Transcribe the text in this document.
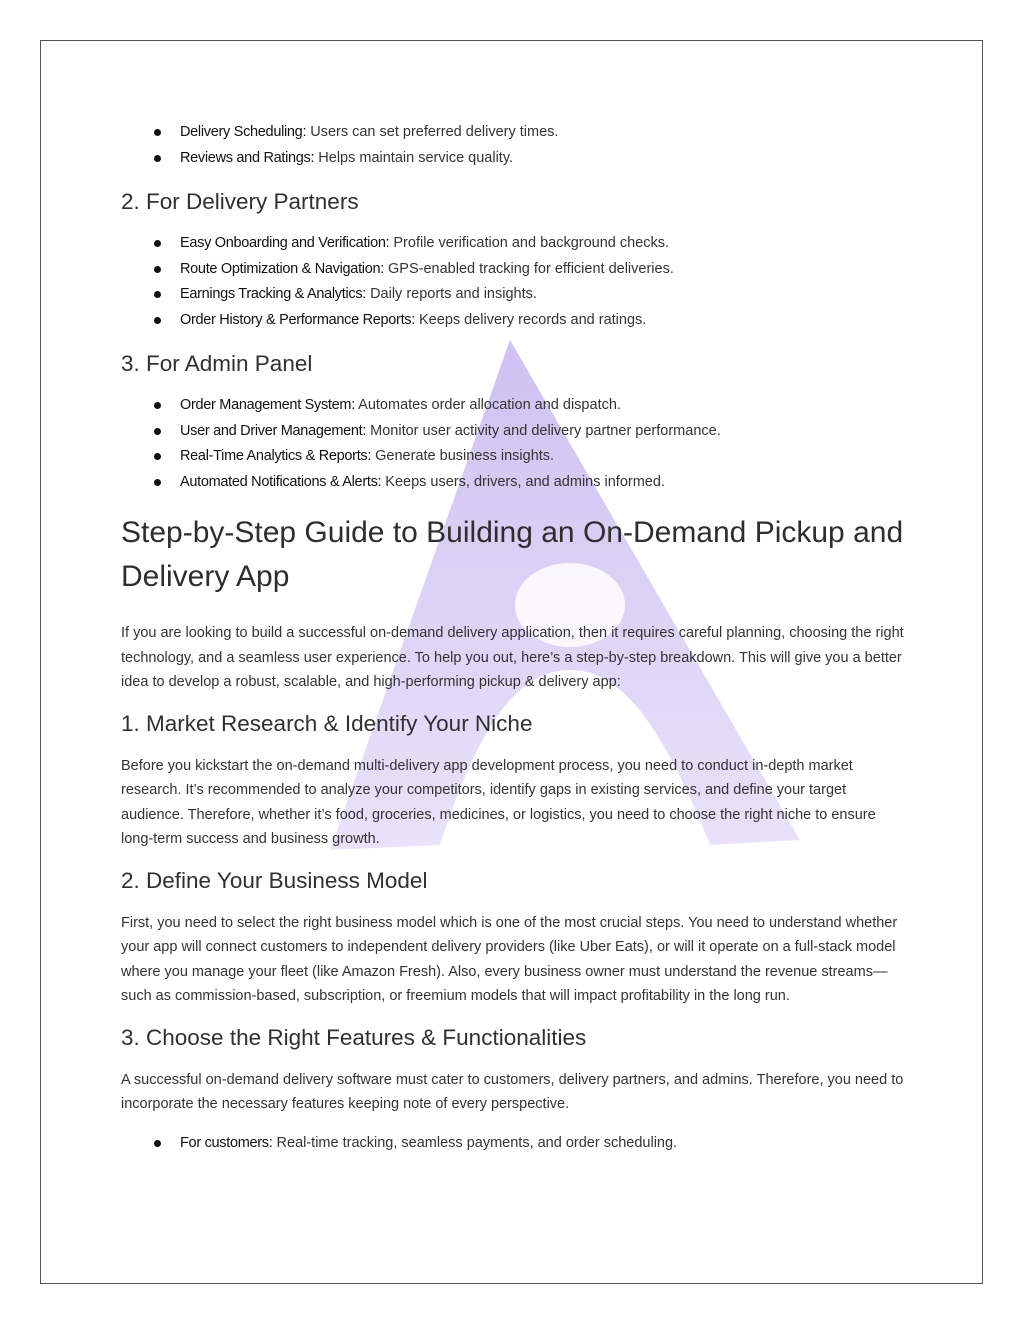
Delivery Scheduling: Users can set preferred delivery times.
Reviews and Ratings: Helps maintain service quality.
2. For Delivery Partners
Easy Onboarding and Verification: Profile verification and background checks.
Route Optimization & Navigation: GPS-enabled tracking for efficient deliveries.
Earnings Tracking & Analytics: Daily reports and insights.
Order History & Performance Reports: Keeps delivery records and ratings.
3. For Admin Panel
Order Management System: Automates order allocation and dispatch.
User and Driver Management: Monitor user activity and delivery partner performance.
Real-Time Analytics & Reports: Generate business insights.
Automated Notifications & Alerts: Keeps users, drivers, and admins informed.
Step-by-Step Guide to Building an On-Demand Pickup and
Delivery App

If you are looking to build a successful on-demand delivery application, then it requires careful planning, choosing the right technology, and a seamless user experience. To help you out, here’s a step-by-step breakdown. This will give you a better idea to develop a robust, scalable, and high-performing pickup & delivery app:

1. Market Research & Identify Your Niche

Before you kickstart the on-demand multi-delivery app development process, you need to conduct in-depth market research. It’s recommended to analyze your competitors, identify gaps in existing services, and define your target audience. Therefore, whether it’s food, groceries, medicines, or logistics, you need to choose the right niche to ensure long-term success and business growth.

2. Define Your Business Model

First, you need to select the right business model which is one of the most crucial steps. You need to understand whether your app will connect customers to independent delivery providers (like Uber Eats), or will it operate on a full-stack model where you manage your fleet (like Amazon Fresh). Also, every business owner must understand the revenue streams—such as commission-based, subscription, or freemium models that will impact profitability in the long run.

3. Choose the Right Features & Functionalities

A successful on-demand delivery software must cater to customers, delivery partners, and admins. Therefore, you need to incorporate the necessary features keeping note of every perspective.

For customers: Real-time tracking, seamless payments, and order scheduling.
